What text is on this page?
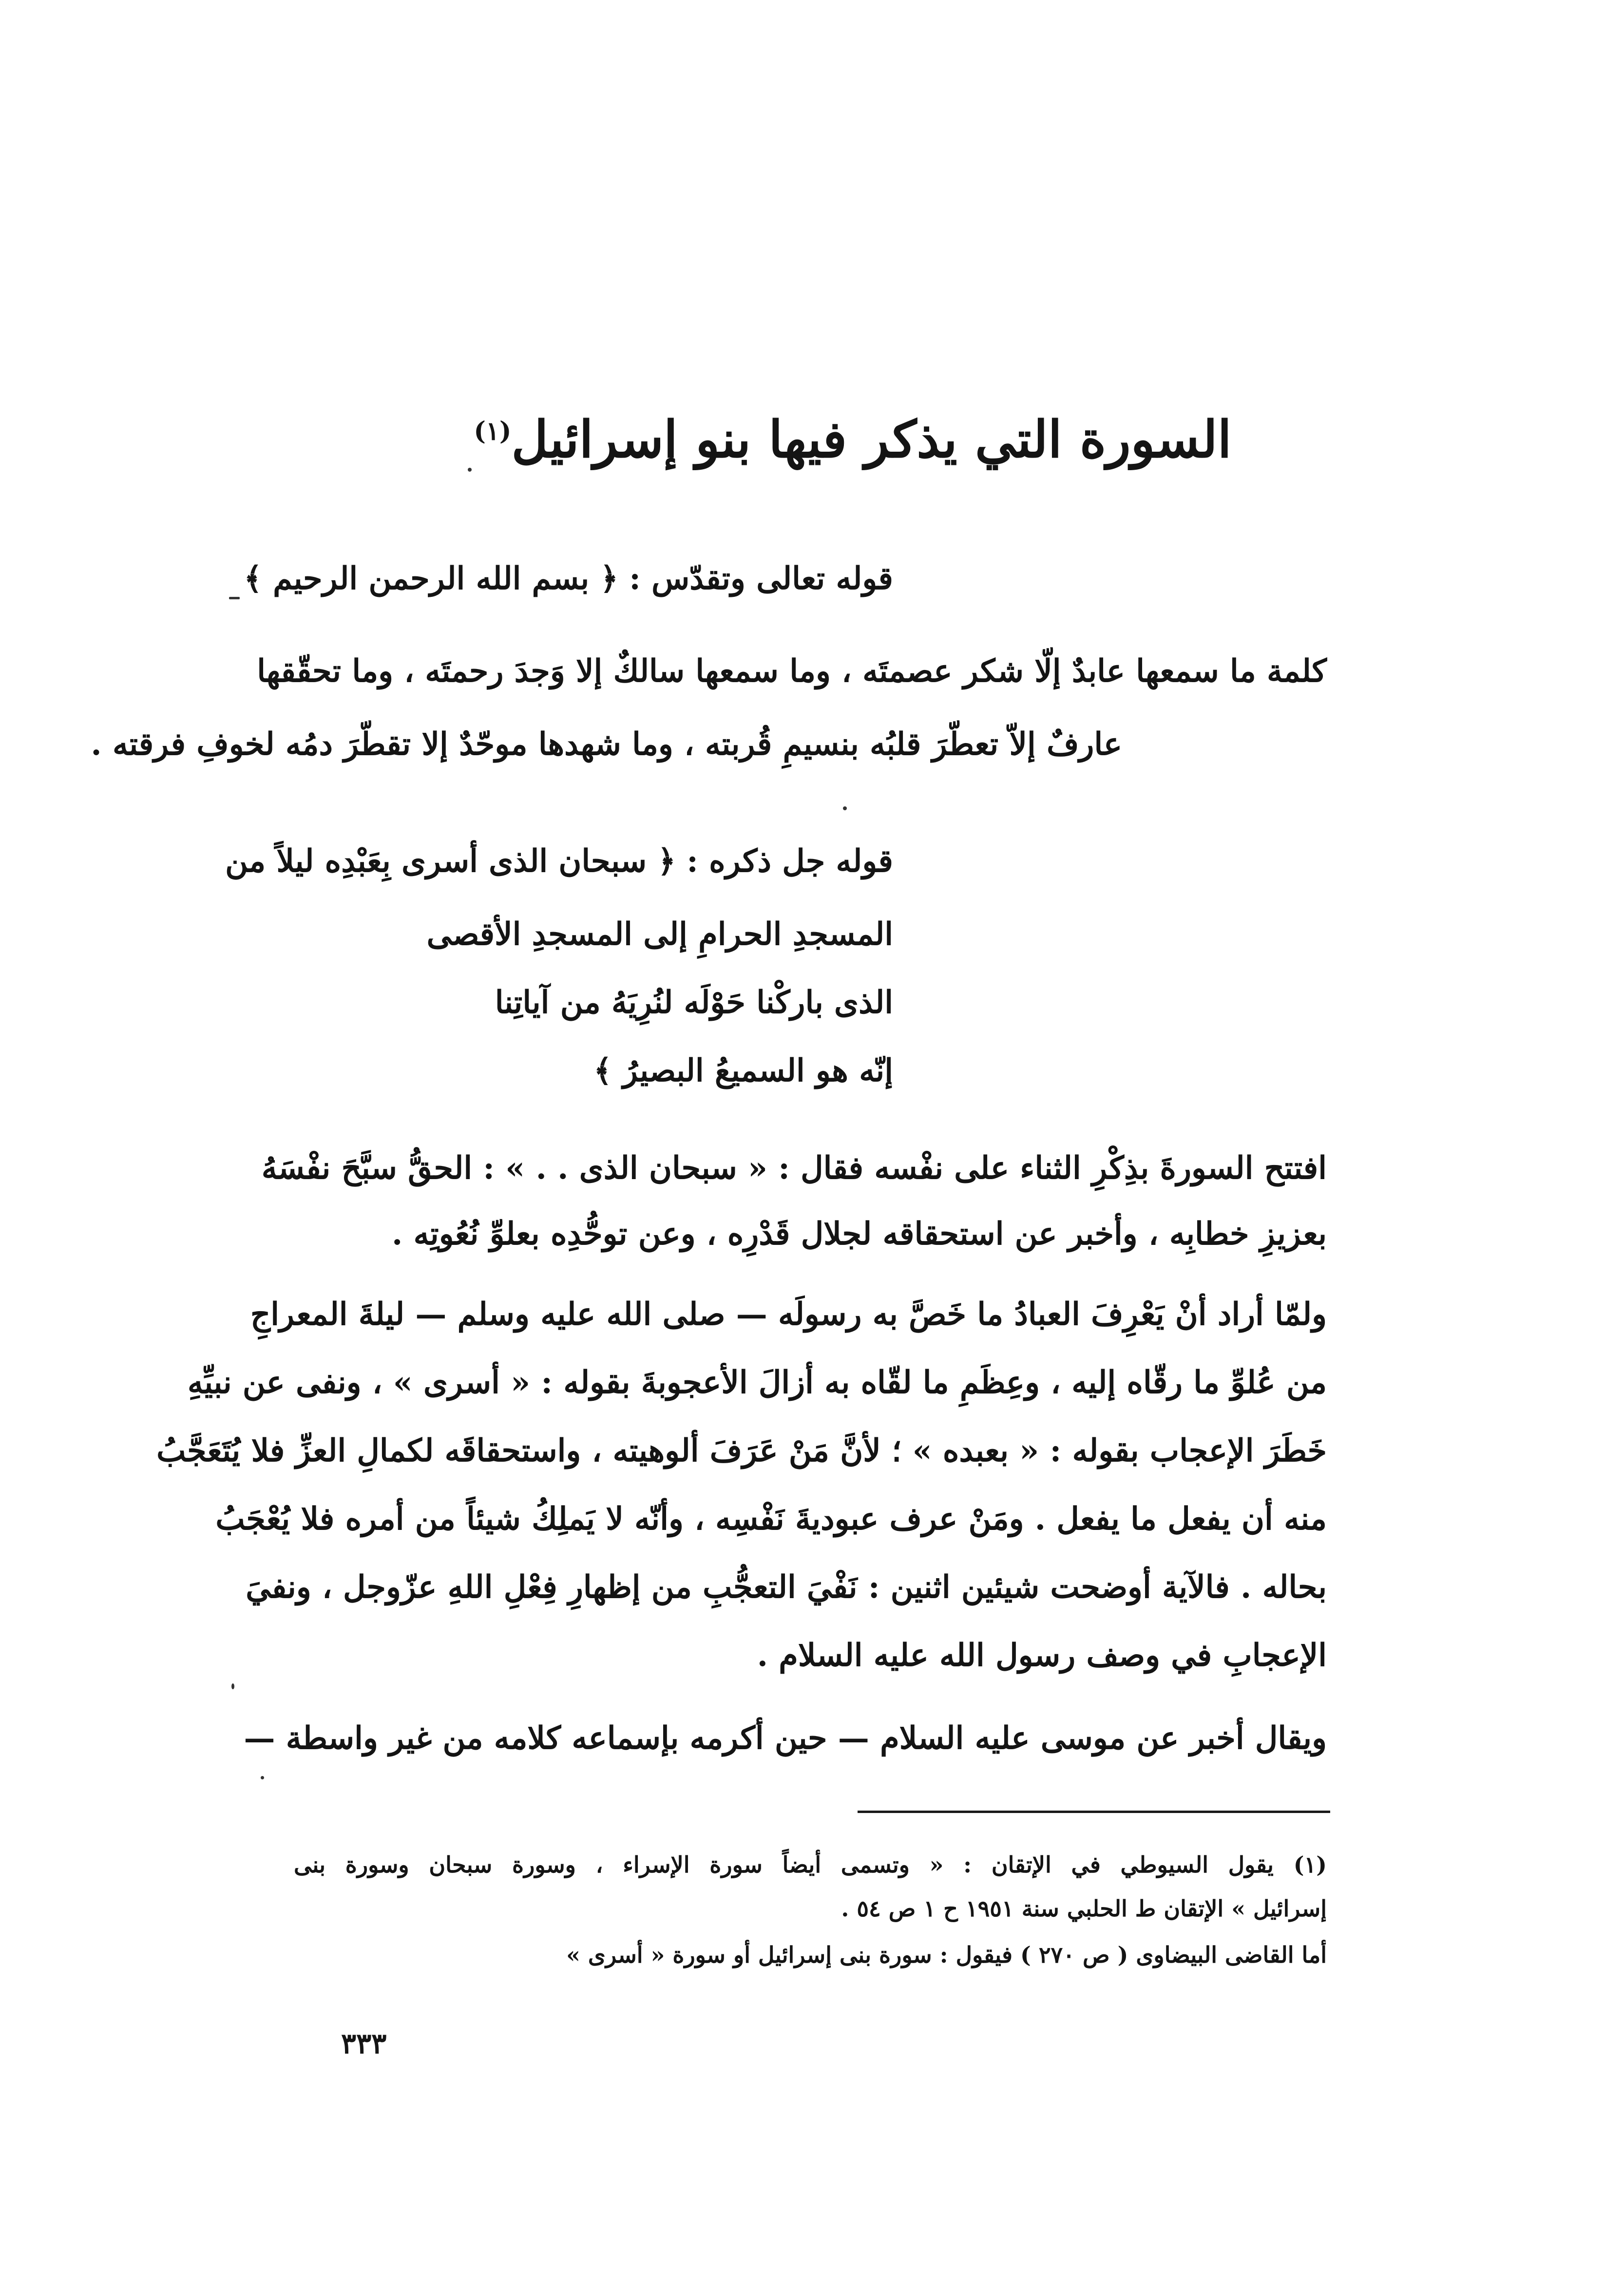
السورة التي يذكر فيها بنو إسرائيل$^{(١)}$
قوله تعالى وتقدّس : ﴿ بسم الله الرحمن الرحيم ﴾
كلمة ما سمعها عابدٌ إلّا شكر عصمتَه ، وما سمعها سالكٌ إلا وَجدَ رحمتَه ، وما تحقّقها
عارفٌ إلاّ تعطّرَ قلبُه بنسيمِ قُربته ، وما شهدها موحّدٌ إلا تقطّرَ دمُه لخوفِ فرقته .
قوله جل ذكره : ﴿ سبحان الذى أسرى بِعَبْدِه ليلاً من
المسجدِ الحرامِ إلى المسجدِ الأقصى
الذى باركْنا حَوْلَه لنُرِيَهُ من آياتِنا
إنّه هو السميعُ البصيرُ ﴾
افتتح السورةَ بذِكْرِ الثناء على نفْسه فقال : « سبحان الذى . . » : الحقُّ سبَّحَ نفْسَهُ
بعزيزِ خطابِه ، وأخبر عن استحقاقه لجلال قَدْرِه ، وعن توحُّدِه بعلوِّ نُعُوتِه .
ولمّا أراد أنْ يَعْرِفَ العبادُ ما خَصَّ به رسولَه — صلى الله عليه وسلم — ليلةَ المعراجِ
من عُلوِّ ما رقّاه إليه ، وعِظَمِ ما لقّاه به أزالَ الأعجوبةَ بقوله : « أسرى » ، ونفى عن نبيِّهِ
خَطَرَ الإعجاب بقوله : « بعبده » ؛ لأنَّ مَنْ عَرَفَ ألوهيته ، واستحقاقَه لكمالِ العزِّ فلا يُتَعَجَّبُ
منه أن يفعل ما يفعل . ومَنْ عرف عبوديةَ نَفْسِه ، وأنّه لا يَملِكُ شيئاً من أمره فلا يُعْجَبُ
بحاله . فالآية أوضحت شيئين اثنين : نَفْيَ التعجُّبِ من إظهارِ فِعْلِ اللهِ عزّوجل ، ونفيَ
الإعجابِ في وصف رسول الله عليه السلام .
ويقال أخبر عن موسى عليه السلام — حين أكرمه بإسماعه كلامه من غير واسطة —
(١) يقول السيوطي في الإتقان : « وتسمى أيضاً سورة الإسراء ، وسورة سبحان وسورة بنى
إسرائيل » الإتقان ط الحلبي سنة ١٩٥١ ح ١ ص ٥٤ .
أما القاضى البيضاوى ( ص ٢٧٠ ) فيقول : سورة بنى إسرائيل أو سورة « أسرى »
٣٣٣
